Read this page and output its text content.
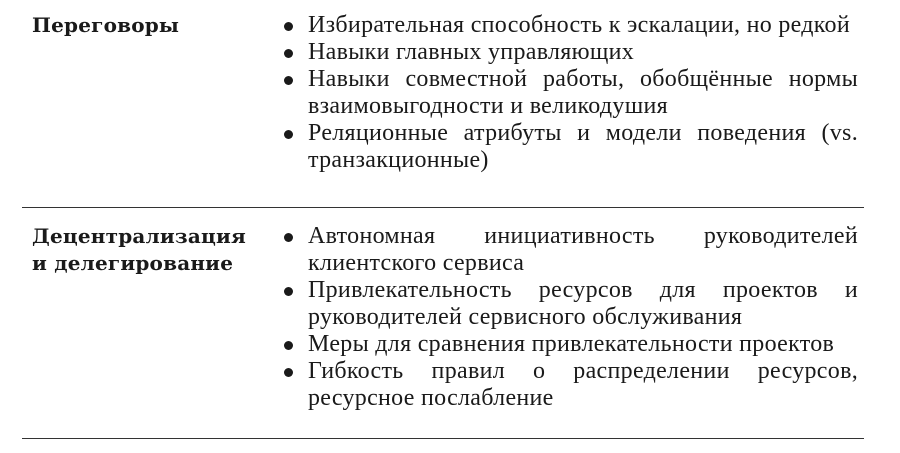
Переговоры	Избирательная способность к эскалации, но редкой
Навыки главных управляющих
Навыки совместной работы, обобщённые нормы взаимовыгодности и великодушия
Реляционные атрибуты и модели поведения (vs. транзакционные)
Децентрализация
и делегирование
Автономная инициативность руководителей клиентского сервиса
Привлекательность ресурсов для проектов и руководителей сервисного обслуживания
Меры для сравнения привлекательности проектов
Гибкость правил о распределении ресурсов, ресурсное послабление
